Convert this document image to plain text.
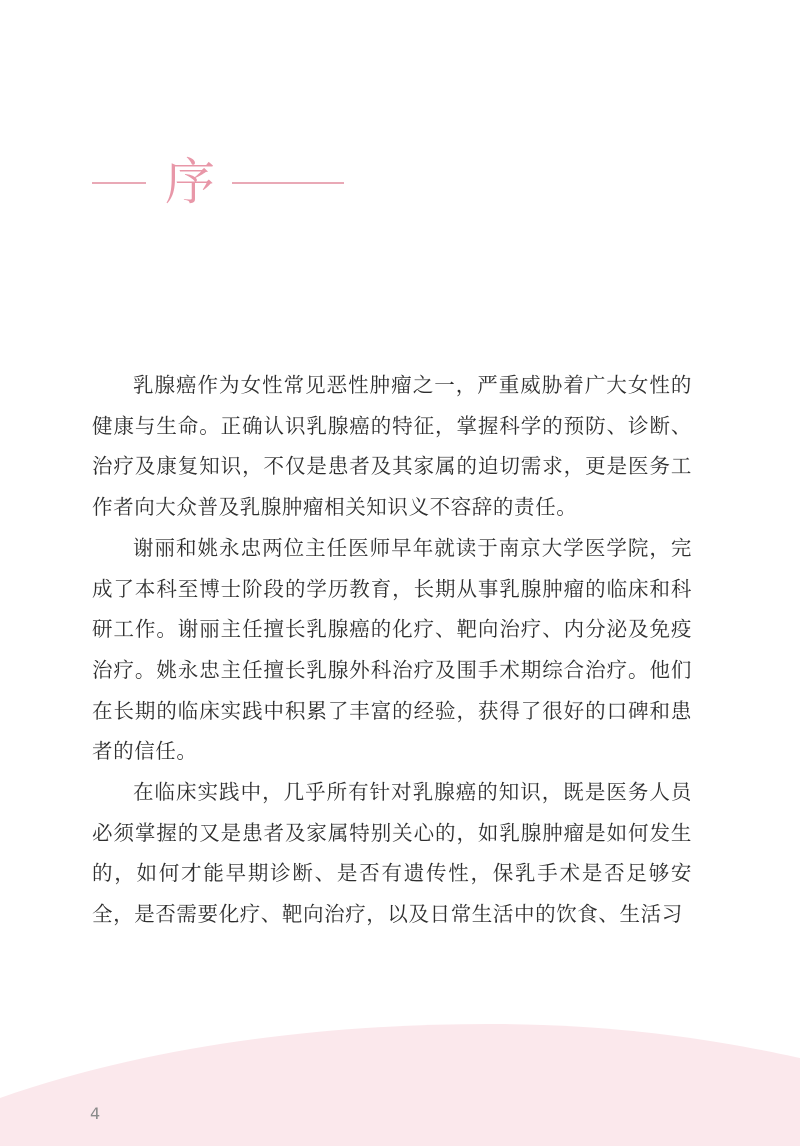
序

乳腺癌作为女性常见恶性肿瘤之一，严重威胁着广大女性的健康与生命。正确认识乳腺癌的特征，掌握科学的预防、诊断、治疗及康复知识，不仅是患者及其家属的迫切需求，更是医务工作者向大众普及乳腺肿瘤相关知识义不容辞的责任。

谢丽和姚永忠两位主任医师早年就读于南京大学医学院，完成了本科至博士阶段的学历教育，长期从事乳腺肿瘤的临床和科研工作。谢丽主任擅长乳腺癌的化疗、靶向治疗、内分泌及免疫治疗。姚永忠主任擅长乳腺外科治疗及围手术期综合治疗。他们在长期的临床实践中积累了丰富的经验，获得了很好的口碑和患者的信任。

在临床实践中，几乎所有针对乳腺癌的知识，既是医务人员必须掌握的又是患者及家属特别关心的，如乳腺肿瘤是如何发生的，如何才能早期诊断、是否有遗传性，保乳手术是否足够安全，是否需要化疗、靶向治疗，以及日常生活中的饮食、生活习

4
